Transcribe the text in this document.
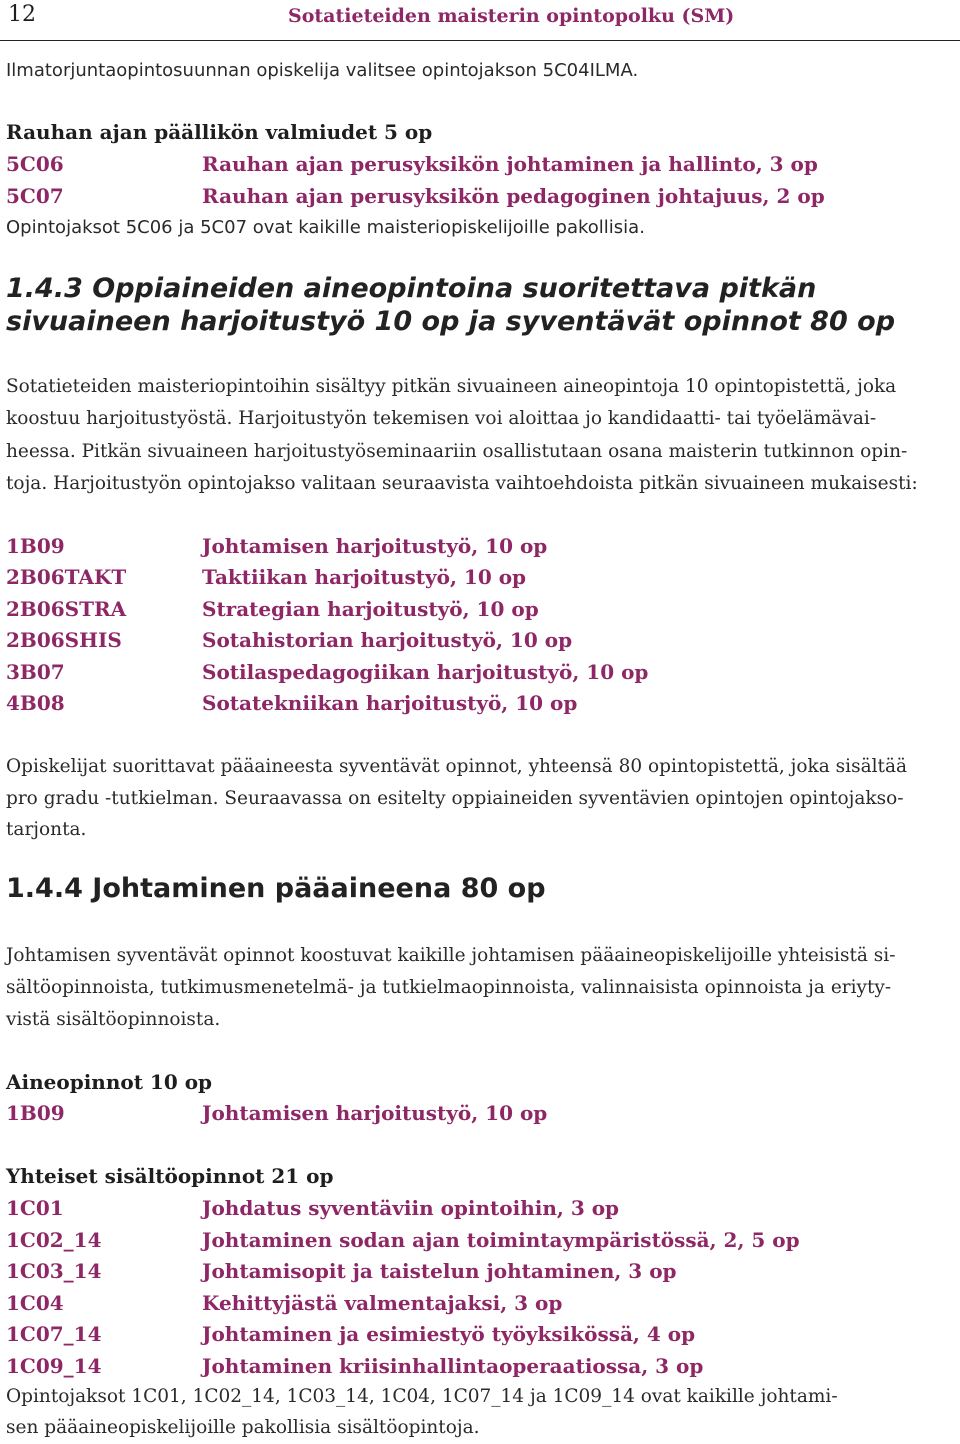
12	Sotatieteiden maisterin opintopolku (SM)
Ilmatorjuntaopintosuunnan opiskelija valitsee opintojakson 5C04ILMA.
Rauhan ajan päällikön valmiudet 5 op
5C06	Rauhan ajan perusyksikön johtaminen ja hallinto, 3 op
5C07	Rauhan ajan perusyksikön pedagoginen johtajuus, 2 op
Opintojaksot 5C06 ja 5C07 ovat kaikille maisteriopiskelijoille pakollisia.
1.4.3 Oppiaineiden aineopintoina suoritettava pitkän
sivuaineen harjoitustyö 10 op ja syventävät opinnot 80 op
Sotatieteiden maisteriopintoihin sisältyy pitkän sivuaineen aineopintoja 10 opintopistettä, joka
koostuu harjoitustyöstä. Harjoitustyön tekemisen voi aloittaa jo kandidaatti- tai työelämävai-
heessa. Pitkän sivuaineen harjoitustyöseminaariin osallistutaan osana maisterin tutkinnon opin-
toja. Harjoitustyön opintojakso valitaan seuraavista vaihtoehdoista pitkän sivuaineen mukaisesti:
1B09	Johtamisen harjoitustyö, 10 op
2B06TAKT	Taktiikan harjoitustyö, 10 op
2B06STRA	Strategian harjoitustyö, 10 op
2B06SHIS	Sotahistorian harjoitustyö, 10 op
3B07	Sotilaspedagogiikan harjoitustyö, 10 op
4B08	Sotatekniikan harjoitustyö, 10 op
Opiskelijat suorittavat pääaineesta syventävät opinnot, yhteensä 80 opintopistettä, joka sisältää
pro gradu -tutkielman. Seuraavassa on esitelty oppiaineiden syventävien opintojen opintojakso-
tarjonta.
1.4.4 Johtaminen pääaineena 80 op
Johtamisen syventävät opinnot koostuvat kaikille johtamisen pääaineopiskelijoille yhteisistä si-
sältöopinnoista, tutkimusmenetelmä- ja tutkielmaopinnoista, valinnaisista opinnoista ja eriyty-
vistä sisältöopinnoista.
Aineopinnot 10 op
1B09	Johtamisen harjoitustyö, 10 op
Yhteiset sisältöopinnot 21 op
1C01	Johdatus syventäviin opintoihin, 3 op
1C02_14	Johtaminen sodan ajan toimintaympäristössä, 2, 5 op
1C03_14	Johtamisopit ja taistelun johtaminen, 3 op
1C04	Kehittyjästä valmentajaksi, 3 op
1C07_14	Johtaminen ja esimiestyö työyksikössä, 4 op
1C09_14	Johtaminen kriisinhallintaoperaatiossa, 3 op
Opintojaksot 1C01, 1C02_14, 1C03_14, 1C04, 1C07_14 ja 1C09_14 ovat kaikille johtami-
sen pääaineopiskelijoille pakollisia sisältöopintoja.
